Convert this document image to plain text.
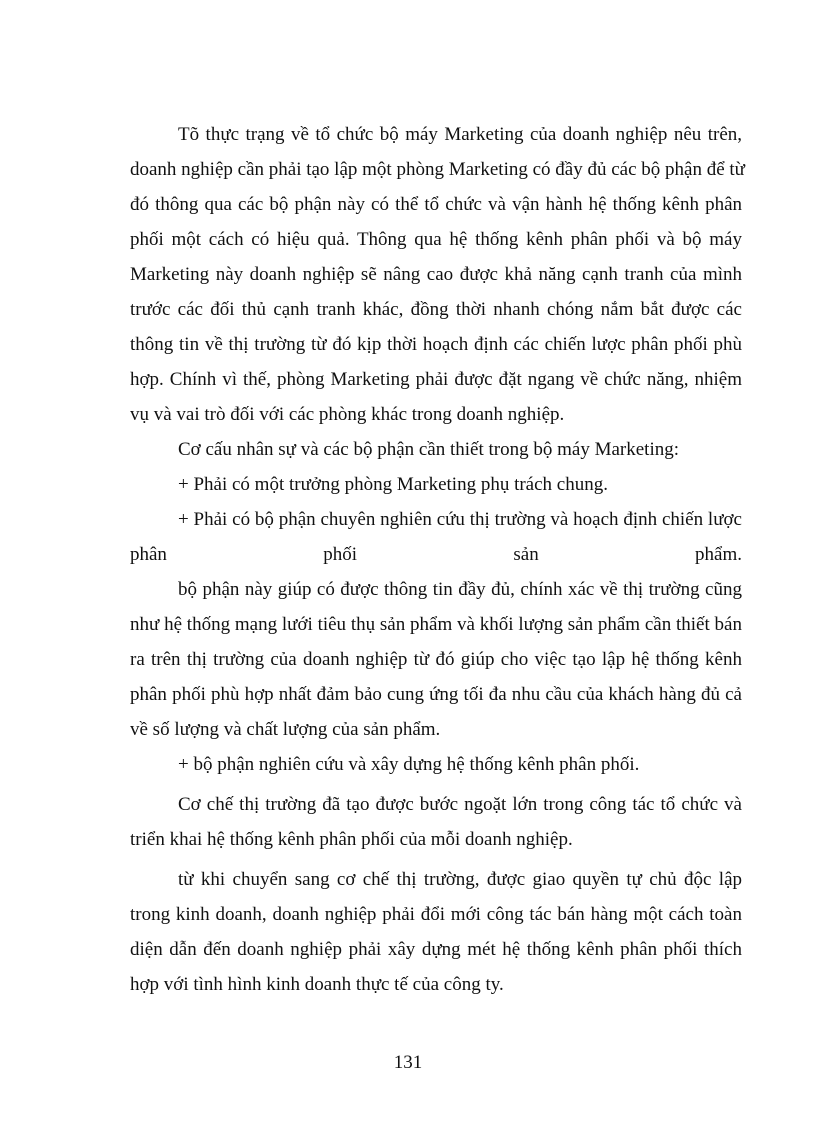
Tõ thực trạng về tổ chức bộ máy Marketing của doanh nghiệp nêu trên,
doanh nghiệp cần phải tạo lập một phòng Marketing có đầy đủ các bộ phận để từ
đó thông qua các bộ phận này có thể tổ chức và vận hành hệ thống kênh phân
phối một cách có hiệu quả. Thông qua hệ thống kênh phân phối và bộ máy
Marketing này doanh nghiệp sẽ nâng cao được khả năng cạnh tranh của mình
trước các đối thủ cạnh tranh khác, đồng thời nhanh chóng nắm bắt được các
thông tin về thị trường từ đó kịp thời hoạch định các chiến lược phân phối phù
hợp. Chính vì thế, phòng Marketing phải được đặt ngang về chức năng, nhiệm
vụ và vai trò đối với các phòng khác trong doanh nghiệp.
Cơ cấu nhân sự và các bộ phận cần thiết trong bộ máy Marketing:
+ Phải có một trưởng phòng Marketing phụ trách chung.
+ Phải có bộ phận chuyên nghiên cứu thị trường và hoạch định chiến lược
phân phối sản phẩm.
bộ phận này giúp có được thông tin đầy đủ, chính xác về thị trường cũng
như hệ thống mạng lưới tiêu thụ sản phẩm và khối lượng sản phẩm cần thiết bán
ra trên thị trường của doanh nghiệp từ đó giúp cho việc tạo lập hệ thống kênh
phân phối phù hợp nhất đảm bảo cung ứng tối đa nhu cầu của khách hàng đủ cả
về số lượng và chất lượng của sản phẩm.
+ bộ phận nghiên cứu và xây dựng hệ thống kênh phân phối.
Cơ chế thị trường đã tạo được bước ngoặt lớn trong công tác tổ chức và
triển khai hệ thống kênh phân phối của mỗi doanh nghiệp.
từ khi chuyển sang cơ chế thị trường, được giao quyền tự chủ độc lập
trong kinh doanh, doanh nghiệp phải đổi mới công tác bán hàng một cách toàn
diện dẫn đến doanh nghiệp phải xây dựng mét hệ thống kênh phân phối thích
hợp với tình hình kinh doanh thực tế của công ty.
131
